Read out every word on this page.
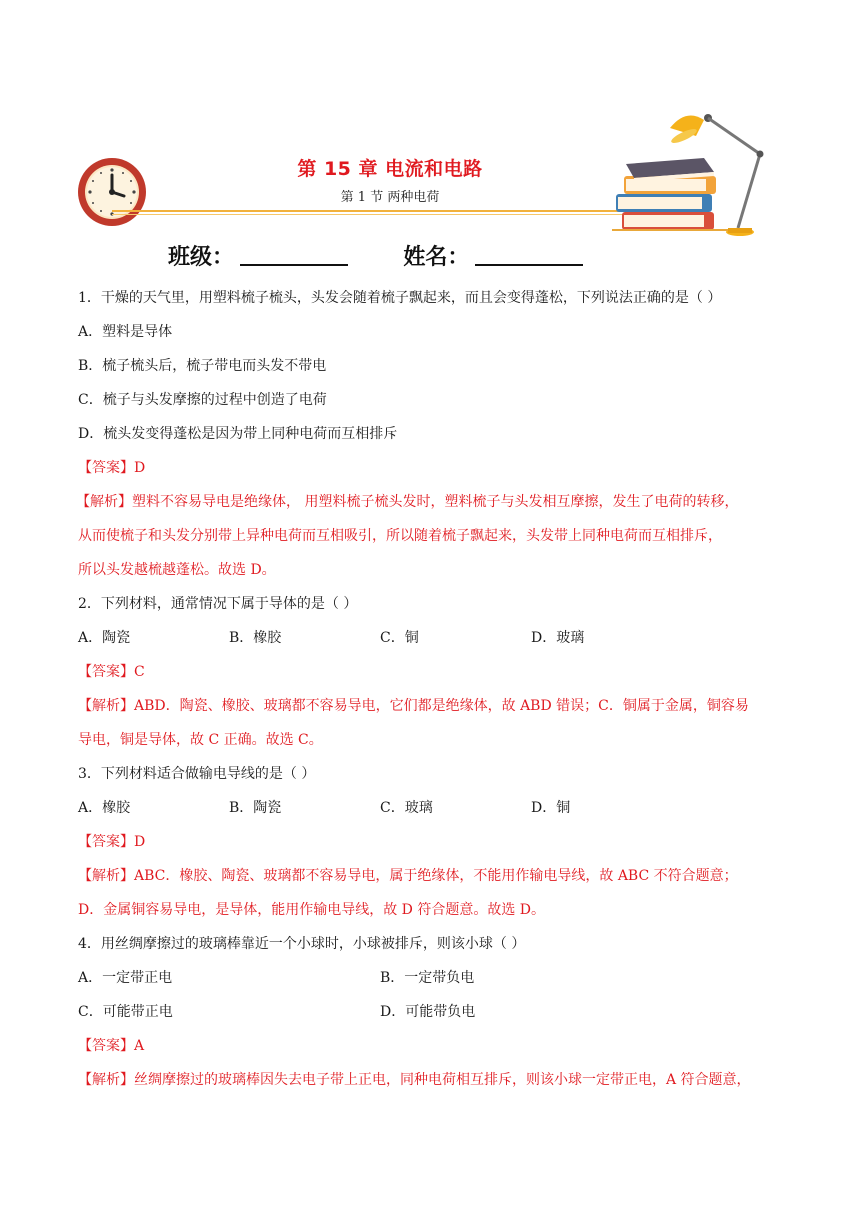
第 15 章 电流和电路
第 1 节 两种电荷
班级：	姓名：
1．干燥的天气里，用塑料梳子梳头，头发会随着梳子飘起来，而且会变得蓬松，下列说法正确的是（ ）
A．塑料是导体
B．梳子梳头后，梳子带电而头发不带电
C．梳子与头发摩擦的过程中创造了电荷
D．梳头发变得蓬松是因为带上同种电荷而互相排斥
【答案】D
【解析】塑料不容易导电是绝缘体， 用塑料梳子梳头发时，塑料梳子与头发相互摩擦，发生了电荷的转移，
从而使梳子和头发分别带上异种电荷而互相吸引，所以随着梳子飘起来，头发带上同种电荷而互相排斥，
所以头发越梳越蓬松。故选 D。
2．下列材料，通常情况下属于导体的是（ ）
A．陶瓷	B．橡胶	C．铜	D．玻璃
【答案】C
【解析】ABD．陶瓷、橡胶、玻璃都不容易导电，它们都是绝缘体，故 ABD 错误；C．铜属于金属，铜容易
导电，铜是导体，故 C 正确。故选 C。
3．下列材料适合做输电导线的是（ ）
A．橡胶	B．陶瓷	C．玻璃	D．铜
【答案】D
【解析】ABC．橡胶、陶瓷、玻璃都不容易导电，属于绝缘体，不能用作输电导线，故 ABC 不符合题意；
D．金属铜容易导电，是导体，能用作输电导线，故 D 符合题意。故选 D。
4．用丝绸摩擦过的玻璃棒靠近一个小球时，小球被排斥，则该小球（ ）
A．一定带正电	B．一定带负电
C．可能带正电	D．可能带负电
【答案】A
【解析】丝绸摩擦过的玻璃棒因失去电子带上正电，同种电荷相互排斥，则该小球一定带正电，A 符合题意，
